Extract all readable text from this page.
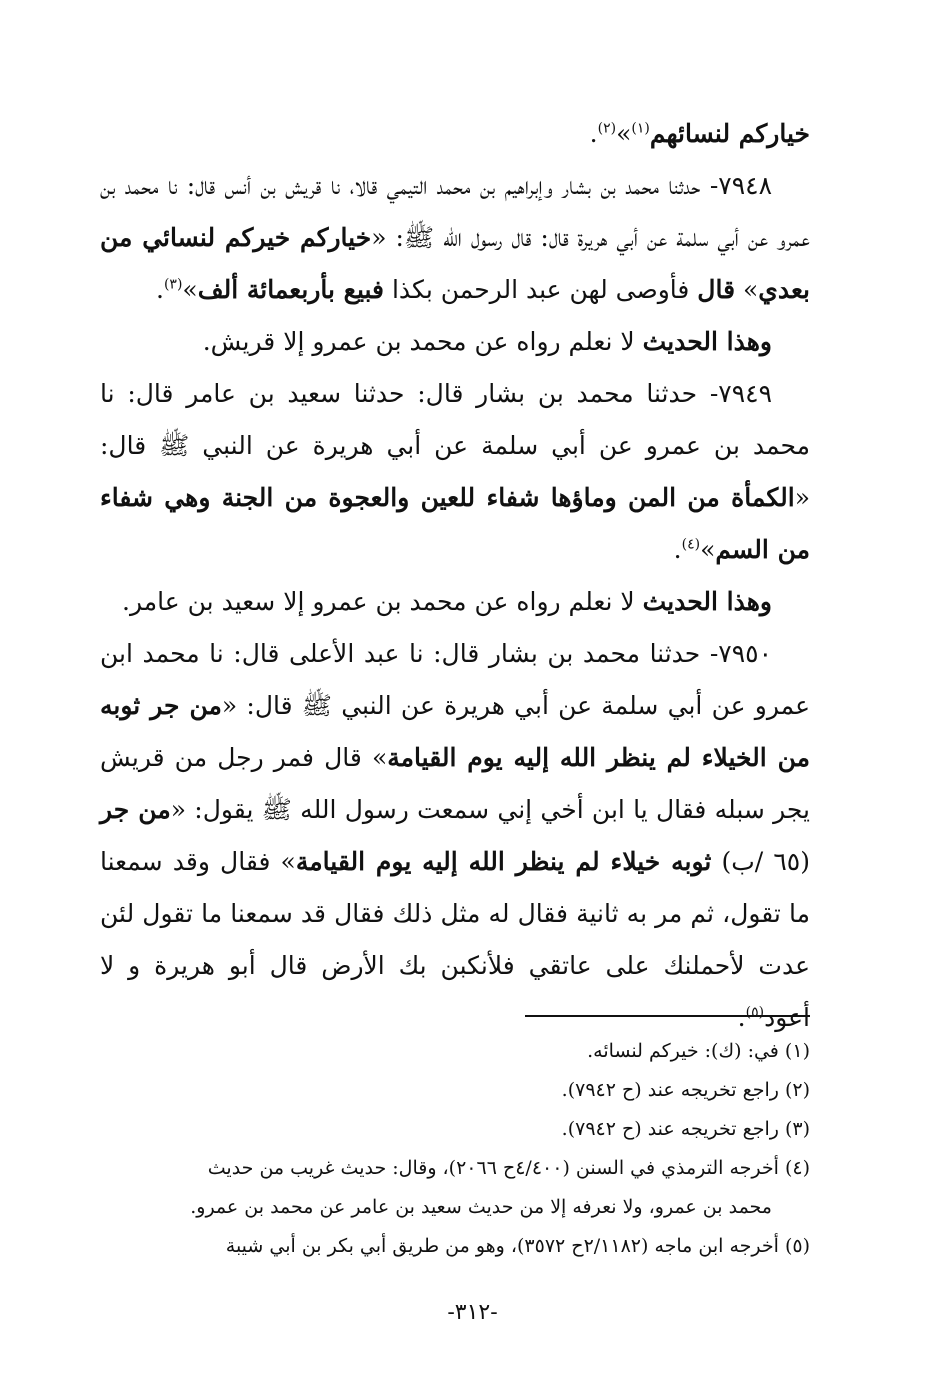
خياركم لنسائهم$^{(١)}$»$^{(٢)}$.

٧٩٤٨- حدثنا محمد بن بشار وإبراهيم بن محمد التيمي قالا، نا قريش بن أنس قال: نا محمد بن عمرو عن أبي سلمة عن أبي هريرة قال: قال رسول الله ﷺ: «خياركم خيركم لنسائي من بعدي» قال فأوصى لهن عبد الرحمن بكذا فبيع بأربعمائة ألف»$^{(٣)}$.

وهذا الحديث لا نعلم رواه عن محمد بن عمرو إلا قريش.

٧٩٤٩- حدثنا محمد بن بشار قال: حدثنا سعيد بن عامر قال: نا محمد بن عمرو عن أبي سلمة عن أبي هريرة عن النبي ﷺ قال: «الكمأة من المن وماؤها شفاء للعين والعجوة من الجنة وهي شفاء من السم»$^{(٤)}$.

وهذا الحديث لا نعلم رواه عن محمد بن عمرو إلا سعيد بن عامر.

٧٩٥٠- حدثنا محمد بن بشار قال: نا عبد الأعلى قال: نا محمد ابن عمرو عن أبي سلمة عن أبي هريرة عن النبي ﷺ قال: «من جر ثوبه من الخيلاء لم ينظر الله إليه يوم القيامة» قال فمر رجل من قريش يجر سبله فقال يا ابن أخي إني سمعت رسول الله ﷺ يقول: «من جر (٦٥ /ب) ثوبه خيلاء لم ينظر الله إليه يوم القيامة» فقال وقد سمعنا ما تقول، ثم مر به ثانية فقال له مثل ذلك فقال قد سمعنا ما تقول لئن عدت لأحملنك على عاتقي فلأنكبن بك الأرض قال أبو هريرة و لا أعود$^{(٥)}$.

(١) في: (ك): خيركم لنسائه.

(٢) راجع تخريجه عند (ح ٧٩٤٢).

(٣) راجع تخريجه عند (ح ٧٩٤٢).

(٤) أخرجه الترمذي في السنن (٤/٤٠٠ح ٢٠٦٦)، وقال: حديث غريب من حديث

محمد بن عمرو، ولا نعرفه إلا من حديث سعيد بن عامر عن محمد بن عمرو.

(٥) أخرجه ابن ماجه (٢/١١٨٢ح ٣٥٧٢)، وهو من طريق أبي بكر بن أبي شيبة

-٣١٢-
